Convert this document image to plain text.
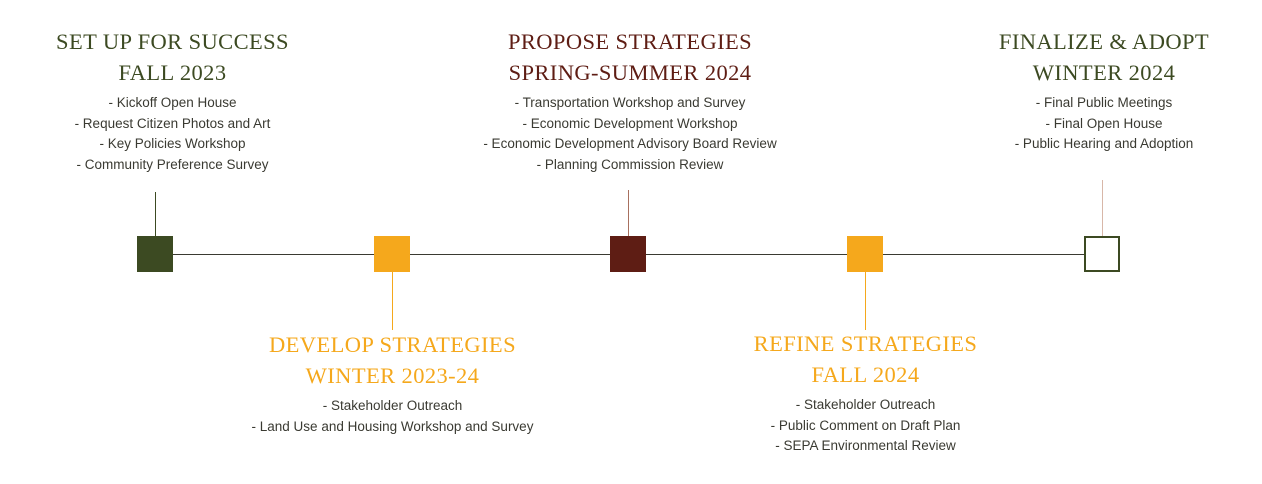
SET UP FOR SUCCESS
FALL 2023
- Kickoff Open House
- Request Citizen Photos and Art
- Key Policies Workshop
- Community Preference Survey
DEVELOP STRATEGIES
WINTER 2023-24
- Stakeholder Outreach
- Land Use and Housing Workshop and Survey
PROPOSE STRATEGIES
SPRING-SUMMER 2024
- Transportation Workshop and Survey
- Economic Development Workshop
- Economic Development Advisory Board Review
- Planning Commission Review
REFINE STRATEGIES
FALL 2024
- Stakeholder Outreach
- Public Comment on Draft Plan
- SEPA Environmental Review
FINALIZE & ADOPT
WINTER 2024
- Final Public Meetings
- Final Open House
- Public Hearing and Adoption
